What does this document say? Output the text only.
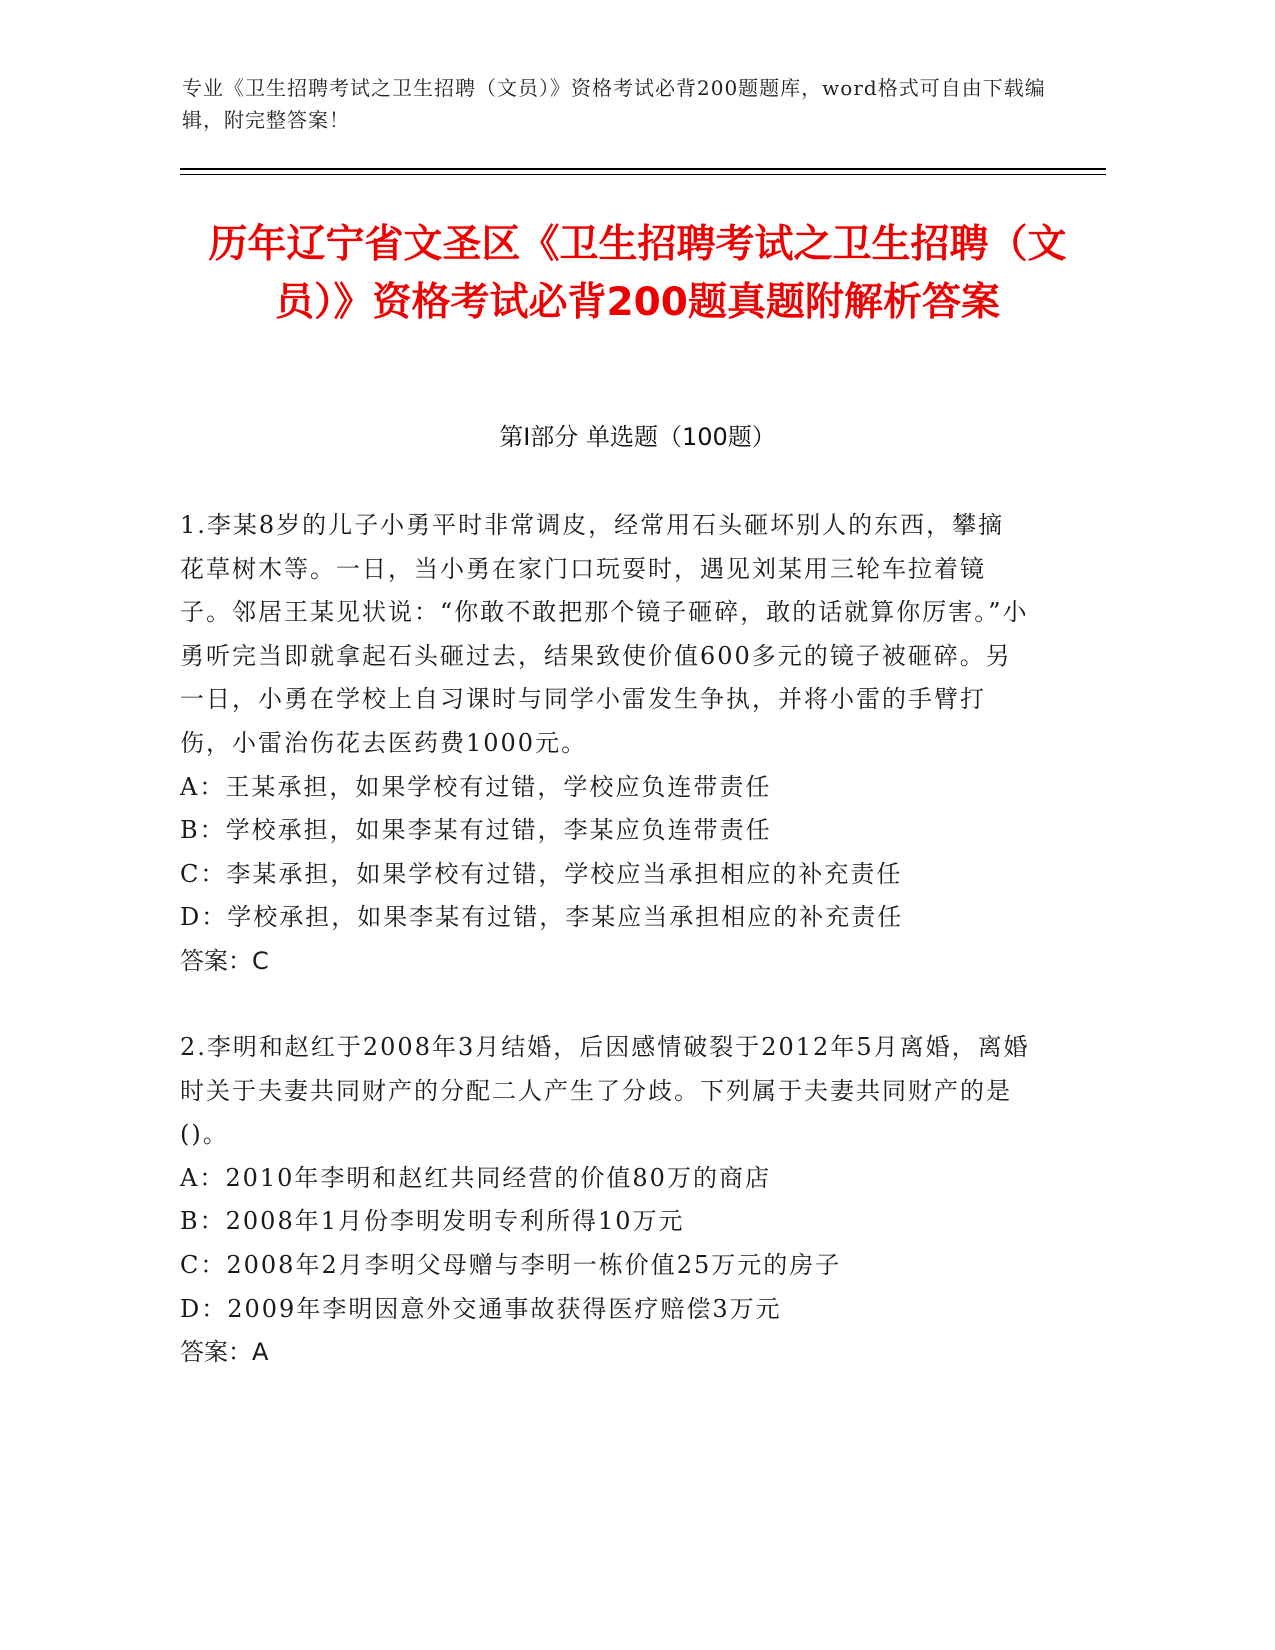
专业《卫生招聘考试之卫生招聘（文员）》资格考试必背200题题库，word格式可自由下载编辑，附完整答案！
历年辽宁省文圣区《卫生招聘考试之卫生招聘（文员）》资格考试必背200题真题附解析答案
第Ⅰ部分 单选题（100题）

1.李某8岁的儿子小勇平时非常调皮，经常用石头砸坏别人的东西，攀摘花草树木等。一日，当小勇在家门口玩耍时，遇见刘某用三轮车拉着镜子。邻居王某见状说：“你敢不敢把那个镜子砸碎，敢的话就算你厉害。”小勇听完当即就拿起石头砸过去，结果致使价值600多元的镜子被砸碎。另一日，小勇在学校上自习课时与同学小雷发生争执，并将小雷的手臂打伤，小雷治伤花去医药费1000元。

A：王某承担，如果学校有过错，学校应负连带责任

B：学校承担，如果李某有过错，李某应负连带责任

C：李某承担，如果学校有过错，学校应当承担相应的补充责任

D：学校承担，如果李某有过错，李某应当承担相应的补充责任

答案：C

2.李明和赵红于2008年3月结婚，后因感情破裂于2012年5月离婚，离婚时关于夫妻共同财产的分配二人产生了分歧。下列属于夫妻共同财产的是()。

A：2010年李明和赵红共同经营的价值80万的商店

B：2008年1月份李明发明专利所得10万元

C：2008年2月李明父母赠与李明一栋价值25万元的房子

D：2009年李明因意外交通事故获得医疗赔偿3万元

答案：A
